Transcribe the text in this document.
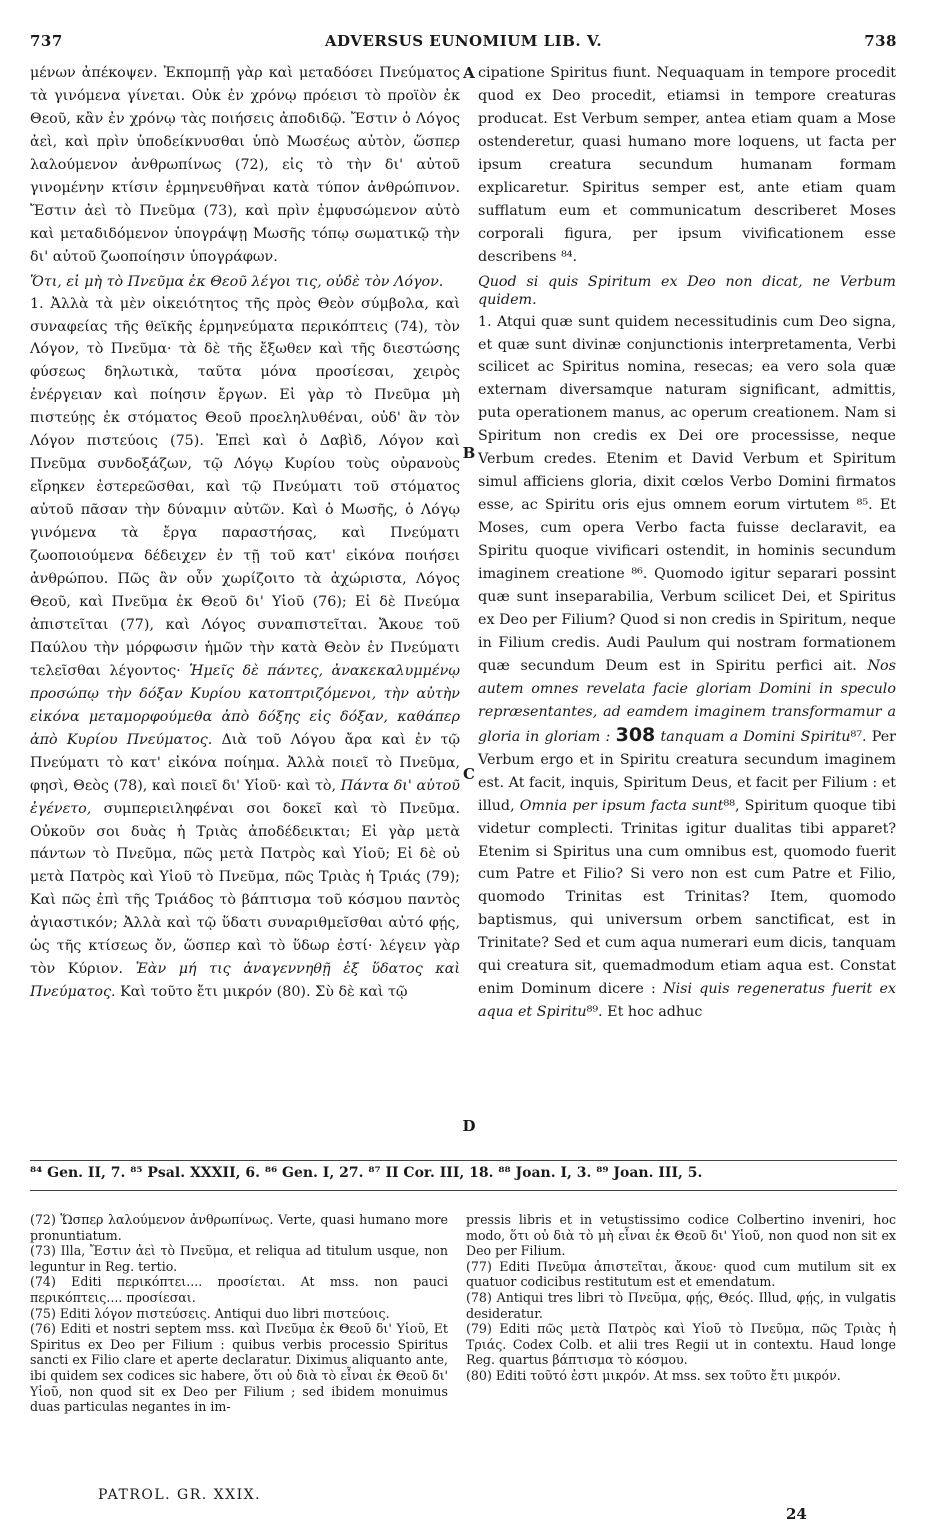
737	ADVERSUS EUNOMIUM LIB. V.	738

μένων ἀπέκοψεν. Ἐκπομπῇ γὰρ καὶ μεταδόσει Πνεύματος τὰ γινόμενα γίνεται. Οὐκ ἐν χρόνῳ πρόεισι τὸ προϊὸν ἐκ Θεοῦ, κἂν ἐν χρόνῳ τὰς ποιήσεις ἀποδιδῷ. Ἔστιν ὁ Λόγος ἀεὶ, καὶ πρὶν ὑποδείκνυσθαι ὑπὸ Μωσέως αὐτὸν, ὥσπερ λαλούμενον ἀνθρωπίνως (72), εἰς τὸ τὴν δι' αὐτοῦ γινομένην κτίσιν ἑρμηνευθῆναι κατὰ τύπον ἀνθρώπινον. Ἔστιν ἀεὶ τὸ Πνεῦμα (73), καὶ πρὶν ἐμφυσώμενον αὐτὸ καὶ μεταδιδόμενον ὑπογράψῃ Μωσῆς τόπῳ σωματικῷ τὴν δι' αὐτοῦ ζωοποίησιν ὑπογράφων.

Ὅτι, εἰ μὴ τὸ Πνεῦμα ἐκ Θεοῦ λέγοι τις, οὐδὲ τὸν Λόγον.

1. Ἀλλὰ τὰ μὲν οἰκειότητος τῆς πρὸς Θεὸν σύμβολα, καὶ συναφείας τῆς θεϊκῆς ἑρμηνεύματα περικόπτεις (74), τὸν Λόγον, τὸ Πνεῦμα· τὰ δὲ τῆς ἔξωθεν καὶ τῆς διεστώσης φύσεως δηλωτικὰ, ταῦτα μόνα προσίεσαι, χειρὸς ἐνέργειαν καὶ ποίησιν ἔργων. Εἰ γὰρ τὸ Πνεῦμα μὴ πιστεύῃς ἐκ στόματος Θεοῦ προεληλυθέναι, οὐδ' ἂν τὸν Λόγον πιστεύοις (75). Ἐπεὶ καὶ ὁ Δαβὶδ, Λόγον καὶ Πνεῦμα συνδοξάζων, τῷ Λόγῳ Κυρίου τοὺς οὐρανοὺς εἴρηκεν ἐστερεῶσθαι, καὶ τῷ Πνεύματι τοῦ στόματος αὐτοῦ πᾶσαν τὴν δύναμιν αὐτῶν. Καὶ ὁ Μωσῆς, ὁ Λόγῳ γινόμενα τὰ ἔργα παραστήσας, καὶ Πνεύματι ζωοποιούμενα δέδειχεν ἐν τῇ τοῦ κατ' εἰκόνα ποιήσει ἀνθρώπου. Πῶς ἂν οὖν χωρίζοιτο τὰ ἀχώριστα, Λόγος Θεοῦ, καὶ Πνεῦμα ἐκ Θεοῦ δι' Υἱοῦ (76); Εἰ δὲ Πνεύμα ἀπιστεῖται (77), καὶ Λόγος συναπιστεῖται. Ἄκουε τοῦ Παύλου τὴν μόρφωσιν ἡμῶν τὴν κατὰ Θεὸν ἐν Πνεύματι τελεῖσθαι λέγοντος· Ἡμεῖς δὲ πάντες, ἀνακεκαλυμμένῳ προσώπῳ τὴν δόξαν Κυρίου κατοπτριζόμενοι, τὴν αὐτὴν εἰκόνα μεταμορφούμεθα ἀπὸ δόξης εἰς δόξαν, καθάπερ ἀπὸ Κυρίου Πνεύματος. Διὰ τοῦ Λόγου ἄρα καὶ ἐν τῷ Πνεύματι τὸ κατ' εἰκόνα ποίημα. Ἀλλὰ ποιεῖ τὸ Πνεῦμα, φησὶ, Θεὸς (78), καὶ ποιεῖ δι' Υἱοῦ· καὶ τὸ, Πάντα δι' αὐτοῦ ἐγένετο, συμπεριειληφέναι σοι δοκεῖ καὶ τὸ Πνεῦμα. Οὐκοῦν σοι δυὰς ἡ Τριὰς ἀποδέδεικται; Εἰ γὰρ μετὰ πάντων τὸ Πνεῦμα, πῶς μετὰ Πατρὸς καὶ Υἱοῦ; Εἰ δὲ οὐ μετὰ Πατρὸς καὶ Υἱοῦ τὸ Πνεῦμα, πῶς Τριὰς ἡ Τριάς (79); Καὶ πῶς ἐπὶ τῆς Τριάδος τὸ βάπτισμα τοῦ κόσμου παντὸς ἁγιαστικόν; Ἀλλὰ καὶ τῷ ὕδατι συναριθμεῖσθαι αὐτό φῄς, ὡς τῆς κτίσεως ὄν, ὥσπερ καὶ τὸ ὕδωρ ἐστί· λέγειν γὰρ τὸν Κύριον. Ἐὰν μή τις ἀναγεννηθῇ ἐξ ὕδατος καὶ Πνεύματος. Καὶ τοῦτο ἔτι μικρόν (80). Σὺ δὲ καὶ τῷ

cipatione Spiritus fiunt. Nequaquam in tempore procedit quod ex Deo procedit, etiamsi in tempore creaturas producat. Est Verbum semper, antea etiam quam a Mose ostenderetur, quasi humano more loquens, ut facta per ipsum creatura secundum humanam formam explicaretur. Spiritus semper est, ante etiam quam sufflatum eum et communicatum describeret Moses corporali figura, per ipsum vivificationem esse describens ⁸⁴.

Quod si quis Spiritum ex Deo non dicat, ne Verbum quidem.

1. Atqui quæ sunt quidem necessitudinis cum Deo signa, et quæ sunt divinæ conjunctionis interpretamenta, Verbi scilicet ac Spiritus nomina, resecas; ea vero sola quæ externam diversamque naturam significant, admittis, puta operationem manus, ac operum creationem. Nam si Spiritum non credis ex Dei ore processisse, neque Verbum credes. Etenim et David Verbum et Spiritum simul afficiens gloria, dixit cœlos Verbo Domini firmatos esse, ac Spiritu oris ejus omnem eorum virtutem ⁸⁵. Et Moses, cum opera Verbo facta fuisse declaravit, ea Spiritu quoque vivificari ostendit, in hominis secundum imaginem creatione ⁸⁶. Quomodo igitur separari possint quæ sunt inseparabilia, Verbum scilicet Dei, et Spiritus ex Deo per Filium? Quod si non credis in Spiritum, neque in Filium credis. Audi Paulum qui nostram formationem quæ secundum Deum est in Spiritu perfici ait. Nos autem omnes revelata facie gloriam Domini in speculo repræsentantes, ad eamdem imaginem transformamur a gloria in gloriam : 308 tanquam a Domini Spiritu⁸⁷. Per Verbum ergo et in Spiritu creatura secundum imaginem est. At facit, inquis, Spiritum Deus, et facit per Filium : et illud, Omnia per ipsum facta sunt⁸⁸, Spiritum quoque tibi videtur complecti. Trinitas igitur dualitas tibi apparet? Etenim si Spiritus una cum omnibus est, quomodo fuerit cum Patre et Filio? Si vero non est cum Patre et Filio, quomodo Trinitas est Trinitas? Item, quomodo baptismus, qui universum orbem sanctificat, est in Trinitate? Sed et cum aqua numerari eum dicis, tanquam qui creatura sit, quemadmodum etiam aqua est. Constat enim Dominum dicere : Nisi quis regeneratus fuerit ex aqua et Spiritu⁸⁹. Et hoc adhuc

A
B
C
D
⁸⁴ Gen. II, 7. ⁸⁵ Psal. XXXII, 6. ⁸⁶ Gen. I, 27. ⁸⁷ II Cor. III, 18. ⁸⁸ Joan. I, 3. ⁸⁹ Joan. III, 5.

(72) Ὥσπερ λαλούμενον ἀνθρωπίνως. Verte, quasi humano more pronuntiatum.

(73) Illa, Ἔστιν ἀεὶ τὸ Πνεῦμα, et reliqua ad titulum usque, non leguntur in Reg. tertio.

(74) Editi περικόπτει.... προσίεται. At mss. non pauci περικόπτεις.... προσίεσαι.

(75) Editi λόγον πιστεύσεις. Antiqui duo libri πιστεύοις.

(76) Editi et nostri septem mss. καὶ Πνεῦμα ἐκ Θεοῦ δι' Υἱοῦ, Et Spiritus ex Deo per Filium : quibus verbis processio Spiritus sancti ex Filio clare et aperte declaratur. Diximus aliquanto ante, ibi quidem sex codices sic habere, ὅτι οὐ διὰ τὸ εἶναι ἐκ Θεοῦ δι' Υἱοῦ, non quod sit ex Deo per Filium ; sed ibidem monuimus duas particulas negantes in im-

pressis libris et in vetustissimo codice Colbertino inveniri, hoc modo, ὅτι οὐ διὰ τὸ μὴ εἶναι ἐκ Θεοῦ δι' Υἱοῦ, non quod non sit ex Deo per Filium.

(77) Editi Πνεῦμα ἀπιστεῖται, ἄκουε· quod cum mutilum sit ex quatuor codicibus restitutum est et emendatum.

(78) Antiqui tres libri τὸ Πνεῦμα, φῄς, Θεός. Illud, φῄς, in vulgatis desideratur.

(79) Editi πῶς μετὰ Πατρὸς καὶ Υἱοῦ τὸ Πνεῦμα, πῶς Τριὰς ἡ Τριάς. Codex Colb. et alii tres Regii ut in contextu. Haud longe Reg. quartus βάπτισμα τὸ κόσμου.

(80) Editi τοῦτό ἐστι μικρόν. At mss. sex τοῦτο ἔτι μικρόν.

PATROL. GR. XXIX.
24
